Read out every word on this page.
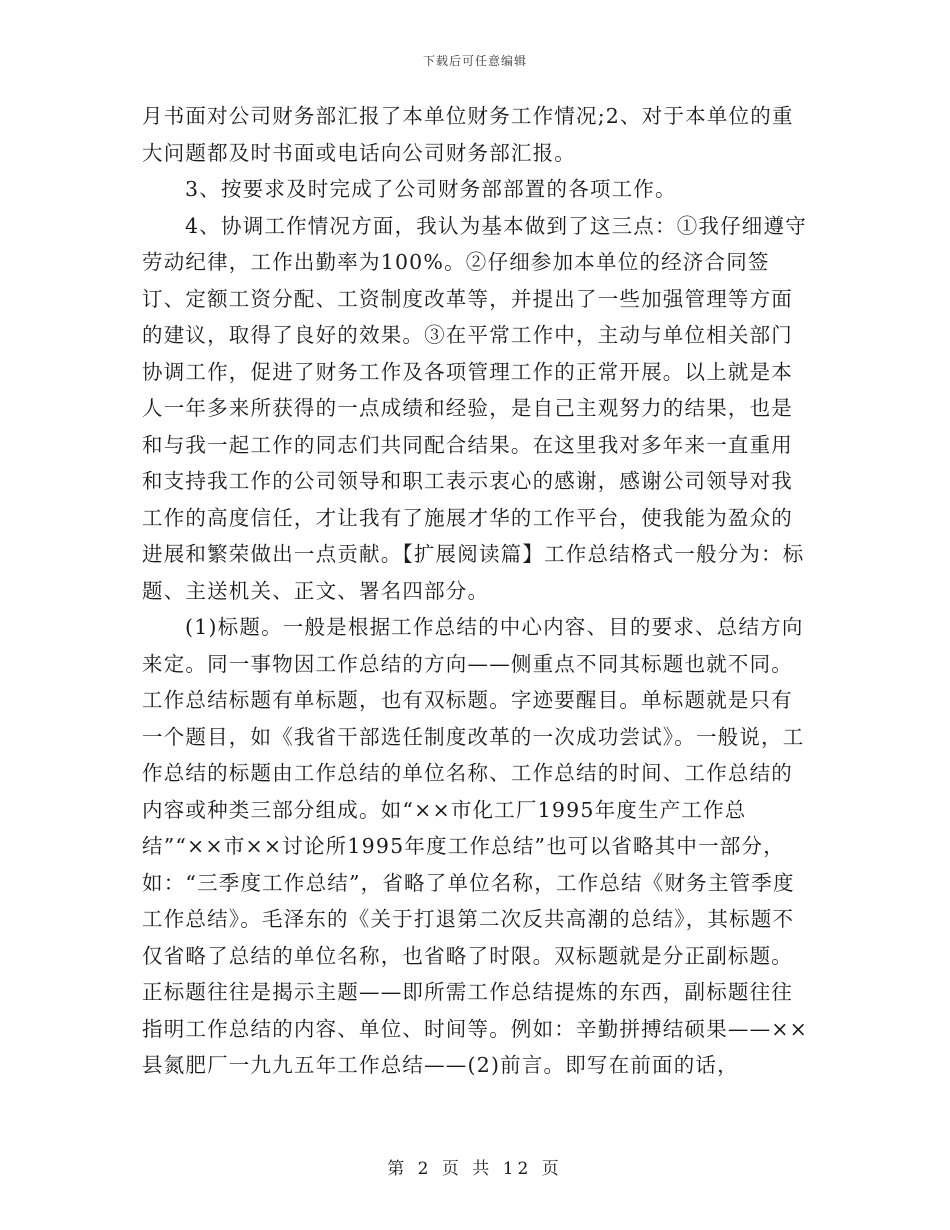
下载后可任意编辑

月书面对公司财务部汇报了本单位财务工作情况;2、对于本单位的重大问题都及时书面或电话向公司财务部汇报。

3、按要求及时完成了公司财务部部置的各项工作。

4、协调工作情况方面，我认为基本做到了这三点：①我仔细遵守劳动纪律，工作出勤率为100%。②仔细参加本单位的经济合同签订、定额工资分配、工资制度改革等，并提出了一些加强管理等方面的建议，取得了良好的效果。③在平常工作中，主动与单位相关部门协调工作，促进了财务工作及各项管理工作的正常开展。以上就是本人一年多来所获得的一点成绩和经验，是自己主观努力的结果，也是和与我一起工作的同志们共同配合结果。在这里我对多年来一直重用和支持我工作的公司领导和职工表示衷心的感谢，感谢公司领导对我工作的高度信任，才让我有了施展才华的工作平台，使我能为盈众的进展和繁荣做出一点贡献。【扩展阅读篇】工作总结格式一般分为：标题、主送机关、正文、署名四部分。

(1)标题。一般是根据工作总结的中心内容、目的要求、总结方向来定。同一事物因工作总结的方向——侧重点不同其标题也就不同。工作总结标题有单标题，也有双标题。字迹要醒目。单标题就是只有一个题目，如《我省干部选任制度改革的一次成功尝试》。一般说，工作总结的标题由工作总结的单位名称、工作总结的时间、工作总结的内容或种类三部分组成。如“××市化工厂1995年度生产工作总结”“××市××讨论所1995年度工作总结”也可以省略其中一部分，如：“三季度工作总结”，省略了单位名称，工作总结《财务主管季度工作总结》。毛泽东的《关于打退第二次反共高潮的总结》，其标题不仅省略了总结的单位名称，也省略了时限。双标题就是分正副标题。正标题往往是揭示主题——即所需工作总结提炼的东西，副标题往往指明工作总结的内容、单位、时间等。例如：辛勤拼搏结硕果——××县氮肥厂一九九五年工作总结——(2)前言。即写在前面的话，

第 2 页 共 12 页
